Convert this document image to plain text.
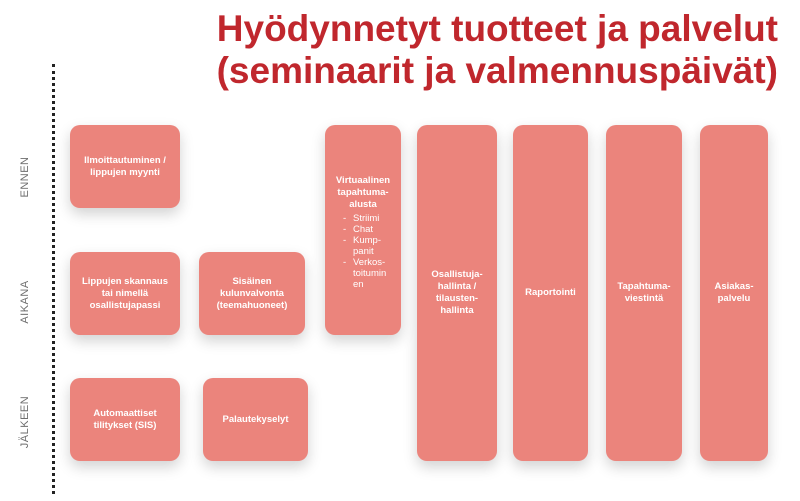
Hyödynnetyt tuotteet ja palvelut
(seminaarit ja valmennuspäivät)
ENNEN
AIKANA
JÄLKEEN
Ilmoittautuminen /
lippujen myynti
Lippujen skannaus
tai nimellä
osallistujapassi
Sisäinen
kulunvalvonta
(teemahuoneet)
Automaattiset
tilitykset (SIS)
Palautekyselyt
Virtuaalinen
tapahtuma-
alusta
- Striimi
- Chat
- Kump-
panit
- Verkos-
toitumin
en
Osallistuja-
hallinta /
tilausten-
hallinta
Raportointi
Tapahtuma-
viestintä
Asiakas-
palvelu
